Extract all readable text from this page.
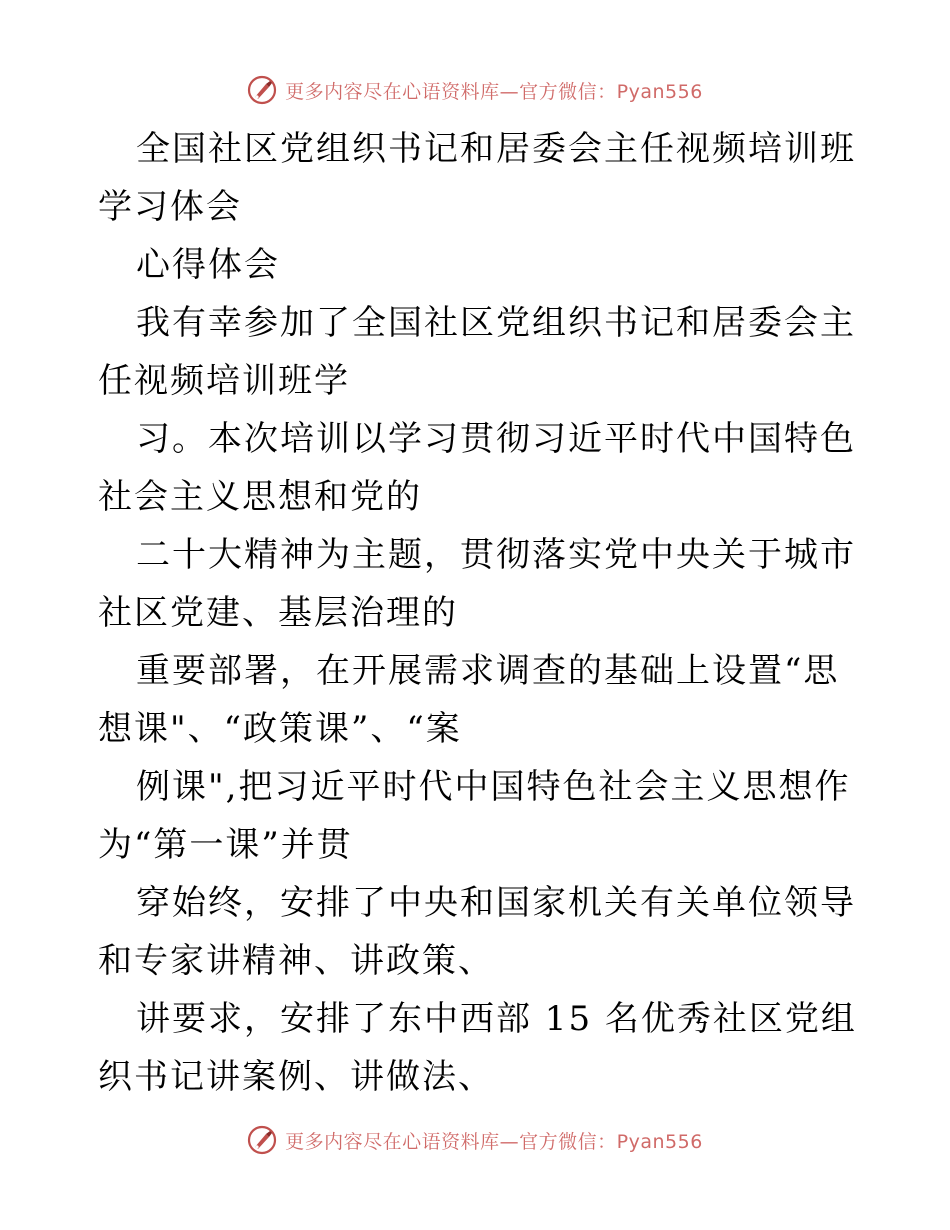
更多内容尽在心语资料库—官方微信：Pyan556

全国社区党组织书记和居委会主任视频培训班学习体会

心得体会

我有幸参加了全国社区党组织书记和居委会主任视频培训班学

习。本次培训以学习贯彻习近平时代中国特色社会主义思想和党的

二十大精神为主题，贯彻落实党中央关于城市社区党建、基层治理的

重要部署，在开展需求调查的基础上设置“思想课"、“政策课”、“案

例课",把习近平时代中国特色社会主义思想作为“第一课”并贯

穿始终，安排了中央和国家机关有关单位领导和专家讲精神、讲政策、

讲要求，安排了东中西部 15 名优秀社区党组织书记讲案例、讲做法、

更多内容尽在心语资料库—官方微信：Pyan556
